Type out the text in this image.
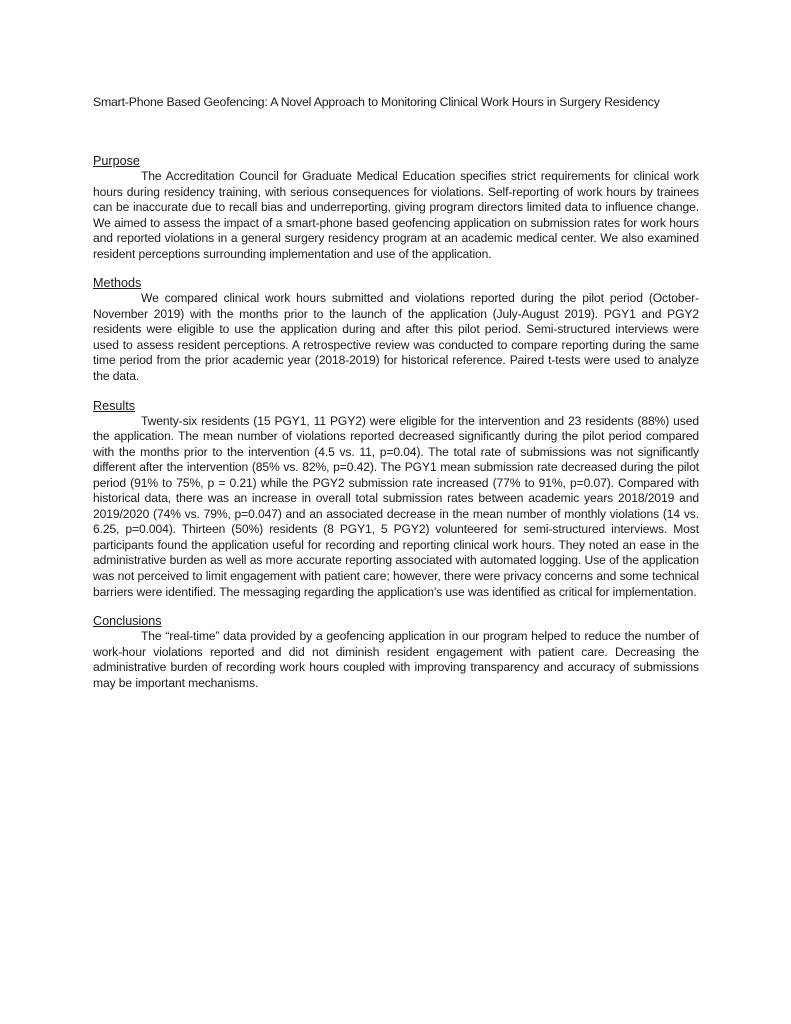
Smart-Phone Based Geofencing: A Novel Approach to Monitoring Clinical Work Hours in Surgery Residency
Purpose

The Accreditation Council for Graduate Medical Education specifies strict requirements for clinical work hours during residency training, with serious consequences for violations. Self-reporting of work hours by trainees can be inaccurate due to recall bias and underreporting, giving program directors limited data to influence change. We aimed to assess the impact of a smart-phone based geofencing application on submission rates for work hours and reported violations in a general surgery residency program at an academic medical center. We also examined resident perceptions surrounding implementation and use of the application.

Methods

We compared clinical work hours submitted and violations reported during the pilot period (October-November 2019) with the months prior to the launch of the application (July-August 2019). PGY1 and PGY2 residents were eligible to use the application during and after this pilot period. Semi-structured interviews were used to assess resident perceptions. A retrospective review was conducted to compare reporting during the same time period from the prior academic year (2018-2019) for historical reference. Paired t-tests were used to analyze the data.

Results

Twenty-six residents (15 PGY1, 11 PGY2) were eligible for the intervention and 23 residents (88%) used the application. The mean number of violations reported decreased significantly during the pilot period compared with the months prior to the intervention (4.5 vs. 11, p=0.04). The total rate of submissions was not significantly different after the intervention (85% vs. 82%, p=0.42). The PGY1 mean submission rate decreased during the pilot period (91% to 75%, p = 0.21) while the PGY2 submission rate increased (77% to 91%, p=0.07). Compared with historical data, there was an increase in overall total submission rates between academic years 2018/2019 and 2019/2020 (74% vs. 79%, p=0.047) and an associated decrease in the mean number of monthly violations (14 vs. 6.25, p=0.004). Thirteen (50%) residents (8 PGY1, 5 PGY2) volunteered for semi-structured interviews. Most participants found the application useful for recording and reporting clinical work hours. They noted an ease in the administrative burden as well as more accurate reporting associated with automated logging. Use of the application was not perceived to limit engagement with patient care; however, there were privacy concerns and some technical barriers were identified. The messaging regarding the application’s use was identified as critical for implementation.

Conclusions

The “real-time” data provided by a geofencing application in our program helped to reduce the number of work-hour violations reported and did not diminish resident engagement with patient care. Decreasing the administrative burden of recording work hours coupled with improving transparency and accuracy of submissions may be important mechanisms.
